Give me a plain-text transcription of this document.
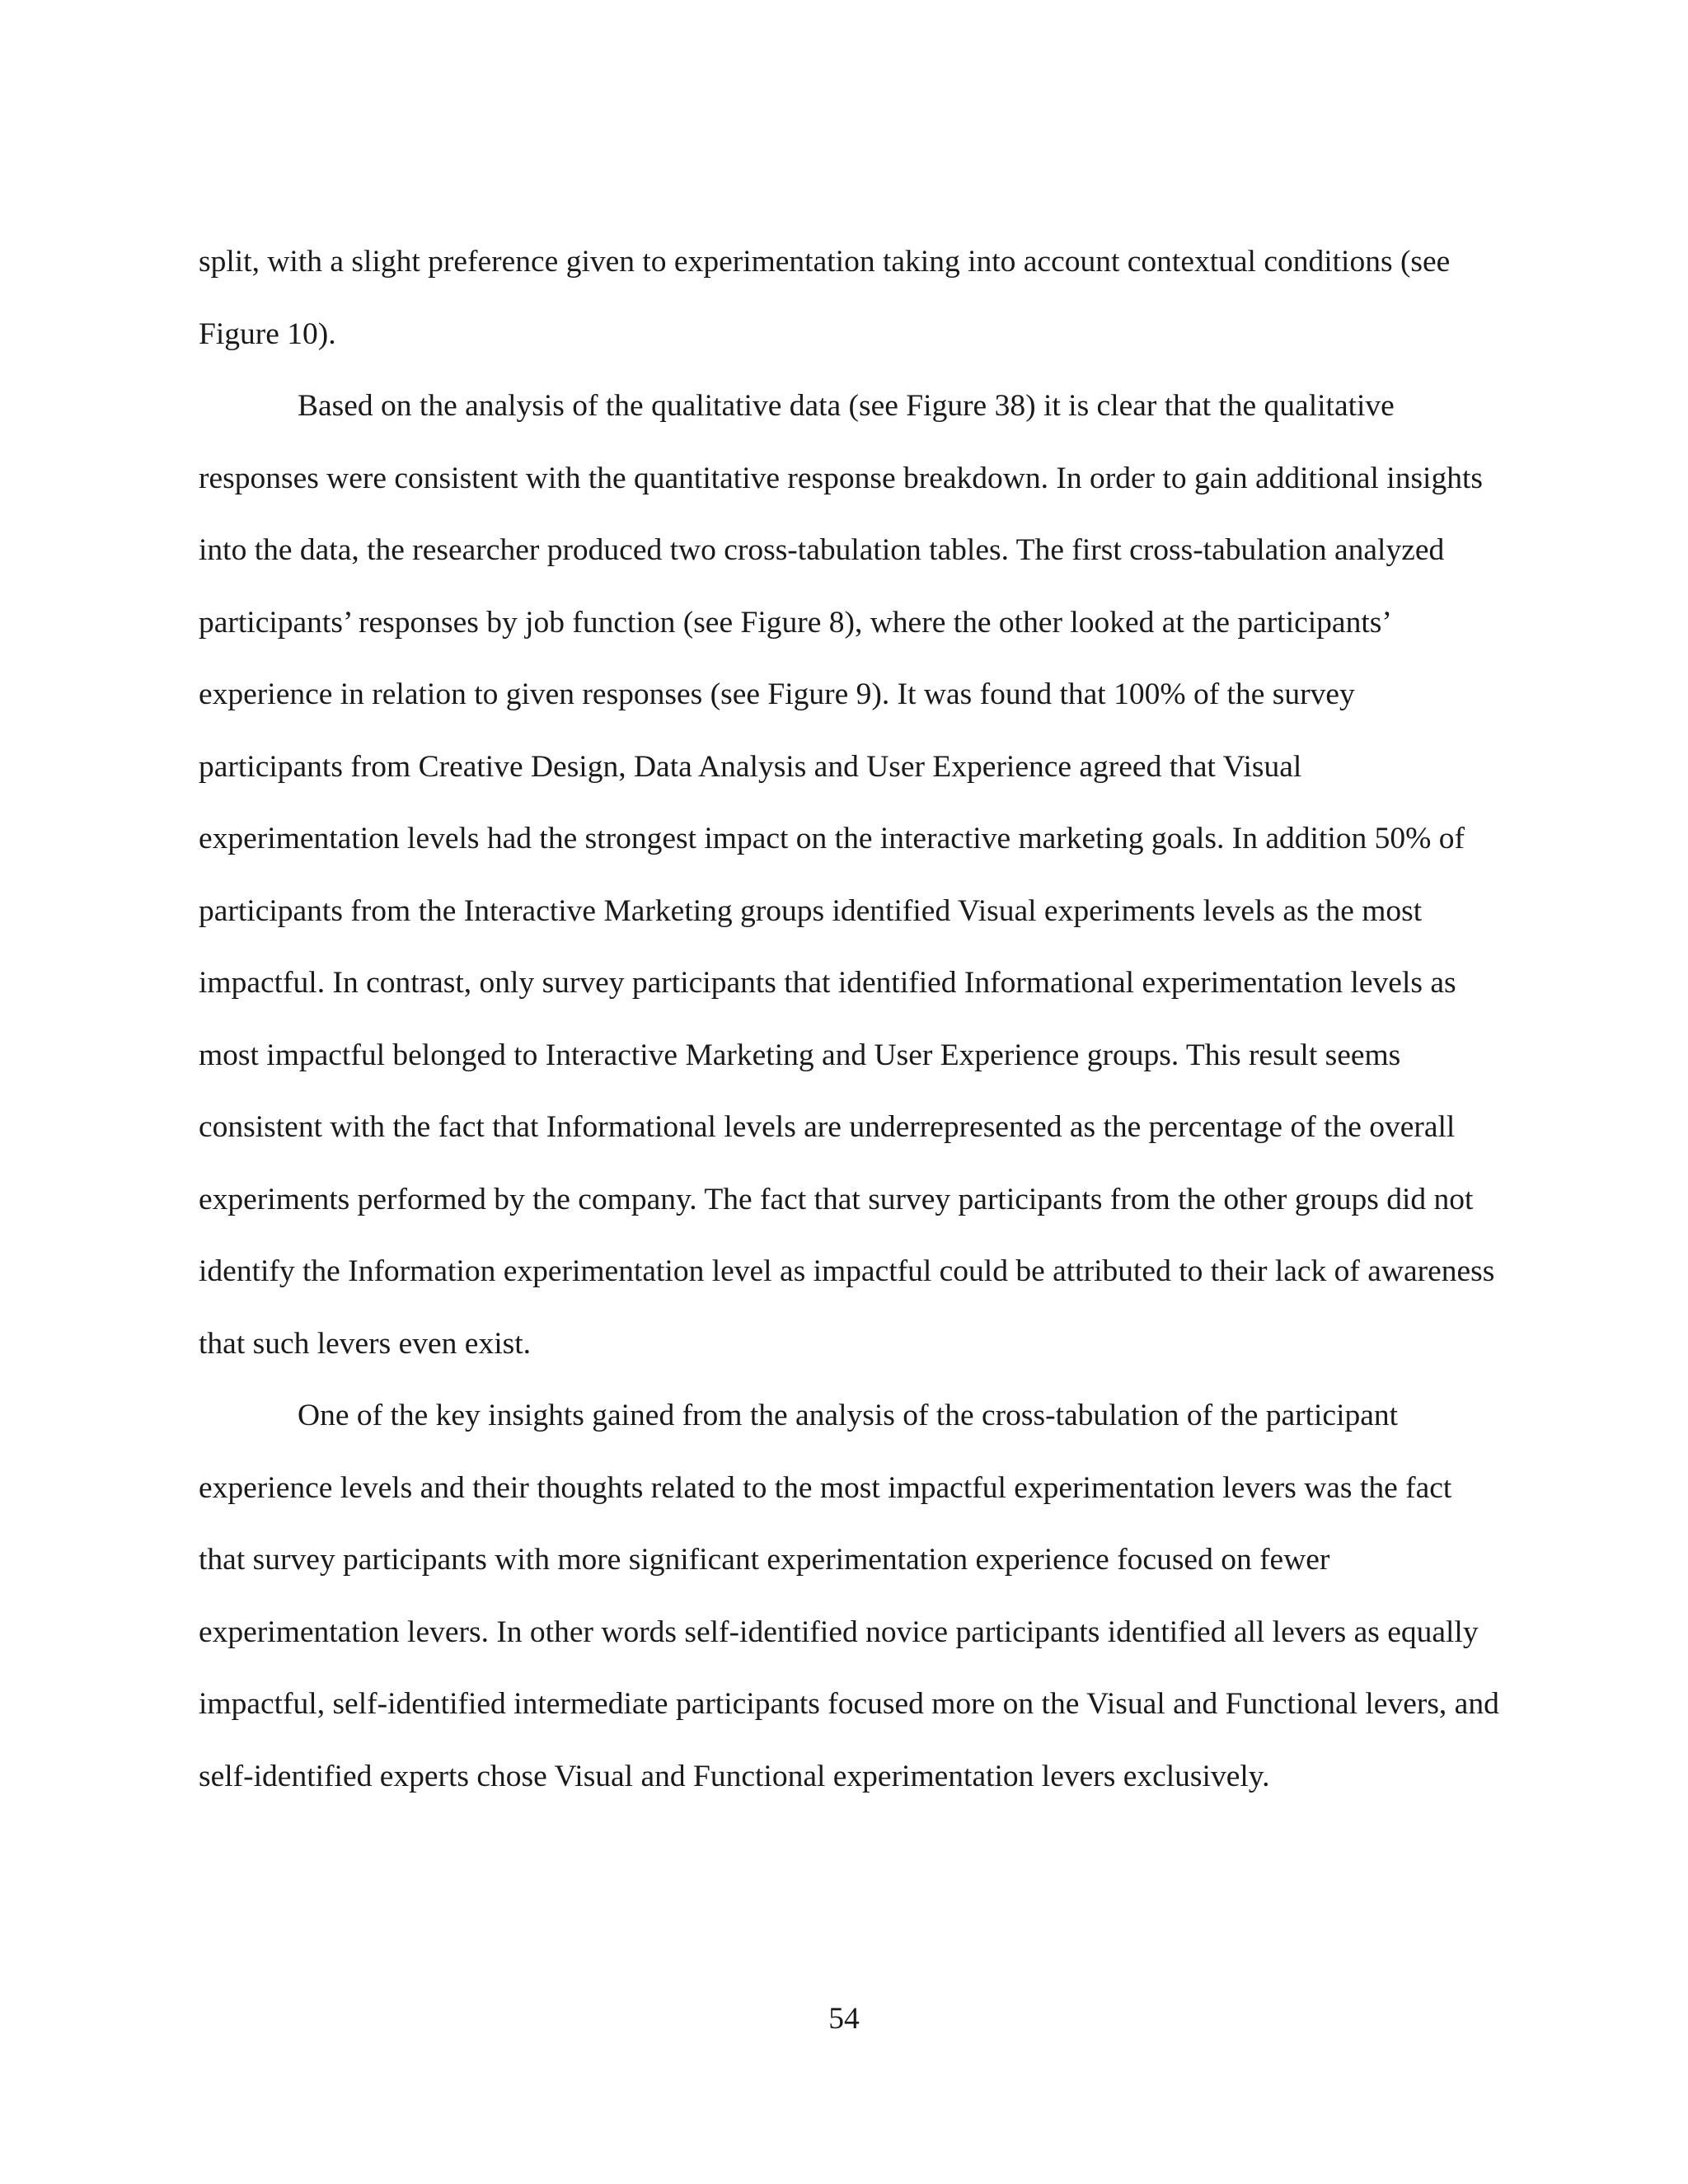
split, with a slight preference given to experimentation taking into account contextual conditions (see Figure 10).

Based on the analysis of the qualitative data (see Figure 38) it is clear that the qualitative responses were consistent with the quantitative response breakdown. In order to gain additional insights into the data, the researcher produced two cross-tabulation tables. The first cross-tabulation analyzed participants’ responses by job function (see Figure 8), where the other looked at the participants’ experience in relation to given responses (see Figure 9). It was found that 100% of the survey participants from Creative Design, Data Analysis and User Experience agreed that Visual experimentation levels had the strongest impact on the interactive marketing goals. In addition 50% of participants from the Interactive Marketing groups identified Visual experiments levels as the most impactful. In contrast, only survey participants that identified Informational experimentation levels as most impactful belonged to Interactive Marketing and User Experience groups. This result seems consistent with the fact that Informational levels are underrepresented as the percentage of the overall experiments performed by the company. The fact that survey participants from the other groups did not identify the Information experimentation level as impactful could be attributed to their lack of awareness that such levers even exist.

One of the key insights gained from the analysis of the cross-tabulation of the participant experience levels and their thoughts related to the most impactful experimentation levers was the fact that survey participants with more significant experimentation experience focused on fewer experimentation levers. In other words self-identified novice participants identified all levers as equally impactful, self-identified intermediate participants focused more on the Visual and Functional levers, and self-identified experts chose Visual and Functional experimentation levers exclusively.

54
